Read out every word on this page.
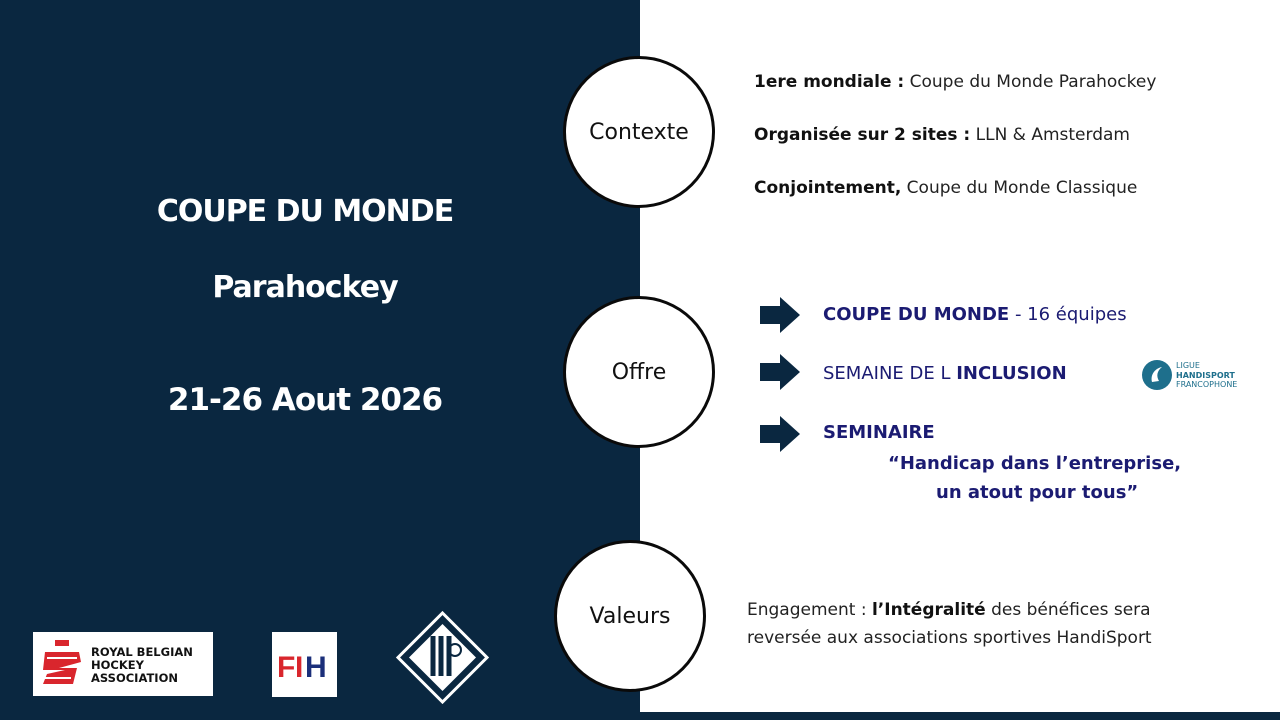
COUPE DU MONDE
Parahockey
21-26 Aout 2026
Contexte
1ere mondiale : Coupe du Monde Parahockey
Organisée sur 2 sites : LLN & Amsterdam
Conjointement, Coupe du Monde Classique
Offre
COUPE DU MONDE - 16 équipes
SEMAINE DE L INCLUSION
SEMINAIRE
“Handicap dans l’entreprise,
un atout pour tous”
LIGUE
HANDISPORT
FRANCOPHONE
Valeurs	Engagement : l’Intégralité des bénéfices sera
reversée aux associations sportives HandiSport
ROYAL BELGIAN
HOCKEY
ASSOCIATION	F I H
